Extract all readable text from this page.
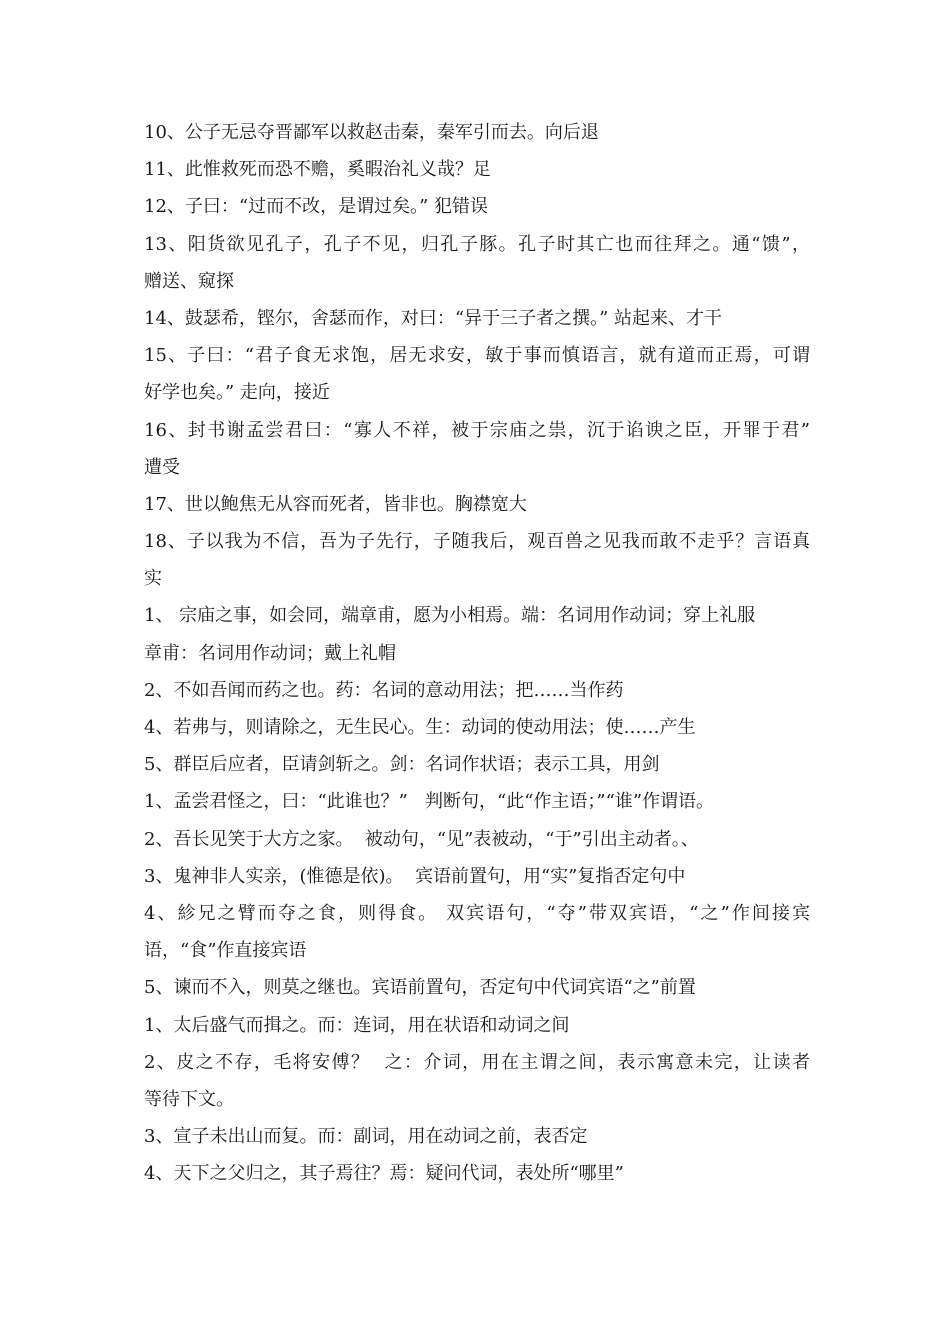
10、公子无忌夺晋鄙军以救赵击秦，秦军引而去。向后退
11、此惟救死而恐不赡，奚暇治礼义哉？足
12、子曰：“过而不改，是谓过矣。” 犯错误
13、阳货欲见孔子，孔子不见，归孔子豚。孔子时其亡也而往拜之。通“馈”，
赠送、窥探
14、鼓瑟希，铿尔，舍瑟而作，对曰：“异于三子者之撰。” 站起来、才干
15、子曰：“君子食无求饱，居无求安，敏于事而慎语言，就有道而正焉，可谓
好学也矣。” 走向，接近
16、封书谢孟尝君曰：“寡人不祥，被于宗庙之祟，沉于谄谀之臣，开罪于君”
遭受
17、世以鲍焦无从容而死者，皆非也。胸襟宽大
18、子以我为不信，吾为子先行，子随我后，观百兽之见我而敢不走乎？言语真
实
1、 宗庙之事，如会同，端章甫，愿为小相焉。端：名词用作动词；穿上礼服
章甫：名词用作动词；戴上礼帽
2、不如吾闻而药之也。药：名词的意动用法；把……当作药
4、若弗与，则请除之，无生民心。生：动词的使动用法；使……产生
5、群臣后应者，臣请剑斩之。剑：名词作状语；表示工具，用剑
1、孟尝君怪之，曰：“此谁也？”   判断句，“此“作主语；”“谁”作谓语。
2、吾长见笑于大方之家。  被动句，“见”表被动，“于”引出主动者。、
3、鬼神非人实亲，(惟德是依)。  宾语前置句，用“实”复指否定句中
4、紾兄之臂而夺之食，则得食。 双宾语句，“夺”带双宾语，“之”作间接宾
语，“食”作直接宾语
5、谏而不入，则莫之继也。宾语前置句，否定句中代词宾语“之”前置
1、太后盛气而揖之。而：连词，用在状语和动词之间
2、皮之不存，毛将安傅？  之：介词，用在主谓之间，表示寓意未完，让读者
等待下文。
3、宣子未出山而复。而：副词，用在动词之前，表否定
4、天下之父归之，其子焉往？焉：疑问代词，表处所“哪里”
